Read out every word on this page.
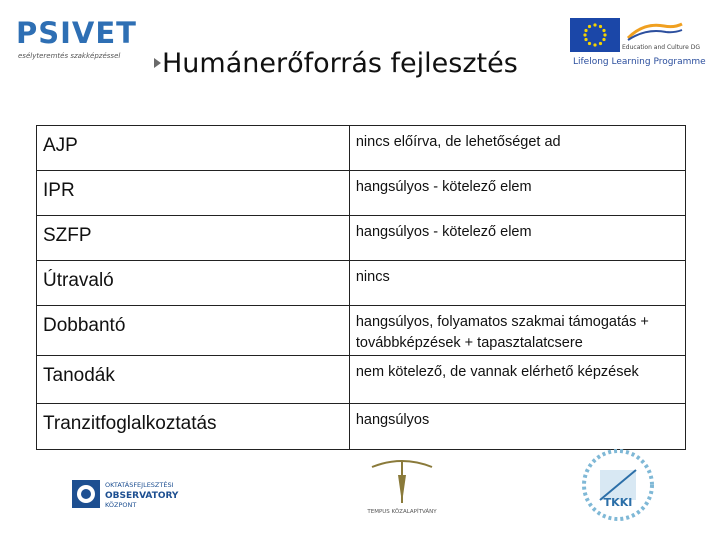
PSIVET
esélyteremtés szakképzéssel Humánerőforrás fejlesztés
Education and Culture DG
Lifelong Learning Programme
AJP	nincs előírva, de lehetőséget ad

IPR	hangsúlyos - kötelező elem

SZFP	hangsúlyos - kötelező elem

Útravaló	nincs

Dobbantó	hangsúlyos, folyamatos szakmai támogatás + továbbképzések + tapasztalatcsere

Tanodák	nem kötelező, de vannak elérhető képzések

Tranzitfoglalkoztatás	hangsúlyos
OKTATÁSFEJLESZTÉSI
OBSERVATORY
KÖZPONT
TEMPUS KÖZALAPÍTVÁNY
TKKI
